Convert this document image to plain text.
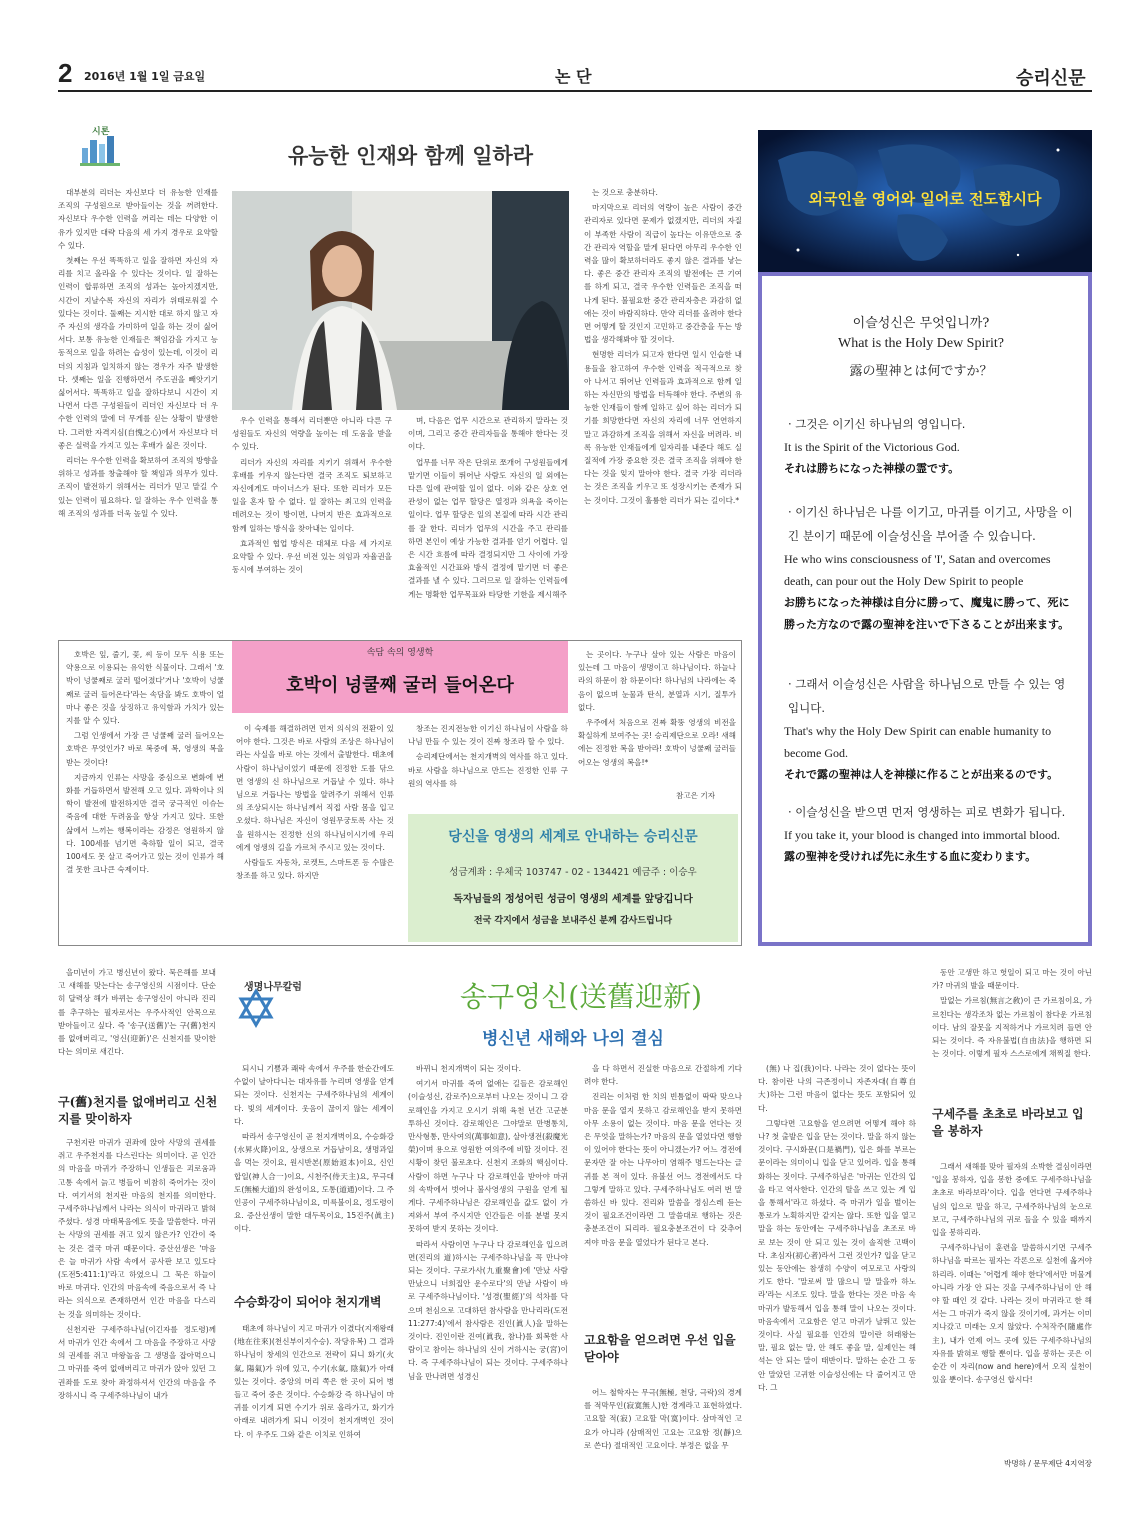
2 2016년 1월 1일 금요일	논 단	승리신문
시론
유능한 인재와 함께 일하라

대부분의 리더는 자신보다 더 유능한 인재를 조직의 구성원으로 받아들이는 것을 꺼려한다. 자신보다 우수한 인력을 꺼리는 데는 다양한 이유가 있지만 대략 다음의 세 가지 경우로 요약할 수 있다.

첫째는 우선 똑똑하고 일을 잘하면 자신의 자리를 치고 올라올 수 있다는 것이다. 일 잘하는 인력이 합류하면 조직의 성과는 높아지겠지만, 시간이 지날수록 자신의 자리가 위태로워질 수 있다는 것이다. 둘째는 지시한 대로 하지 않고 자주 자신의 생각을 가미하여 일을 하는 것이 싫어서다. 보통 유능한 인재들은 책임감을 가지고 능동적으로 일을 하려는 습성이 있는데, 이것이 리더의 지침과 일치하지 않는 경우가 자주 발생한다. 셋째는 일을 진행하면서 주도권을 빼앗기기 싫어서다. 똑똑하고 일을 잘하다보니 시간이 지나면서 다른 구성원들이 리더인 자신보다 더 우수한 인력의 말에 더 무게를 싣는 상황이 발생한다. 그러한 자격지심(自愧之心)에서 자신보다 더 좋은 실력을 가지고 있는 후배가 싫은 것이다.

리더는 우수한 인력을 확보하여 조직의 방향을 위하고 성과를 창출해야 할 책임과 의무가 있다. 조직이 발전하기 위해서는 리더가 믿고 맡길 수 있는 인력이 필요하다. 일 잘하는 우수 인력을 통해 조직의 성과를 더욱 높일 수 있다.

우수 인력을 통해서 리더뿐만 아니라 다른 구성원들도 자신의 역량을 높이는 데 도움을 받을 수 있다.

리더가 자신의 자리를 지키기 위해서 우수한 후배를 키우지 않는다면 결국 조직도 퇴보하고 자신에게도 마이너스가 된다. 또한 리더가 모든 일을 혼자 할 수 없다. 일 잘하는 최고의 인력을 데려오는 것이 방이면, 나머지 반은 효과적으로 함께 일하는 방식을 찾아내는 일이다.

효과적인 협업 방식은 대체로 다음 세 가지로 요약할 수 있다. 우선 비전 있는 의임과 자율권을 동시에 부여하는 것이

며, 다음은 업무 시간으로 관리하지 말라는 것이며, 그리고 중간 관리자들을 통해야 한다는 것이다.

업무를 너무 작은 단위로 쪼개어 구성원들에게 맡기면 이들이 뛰어난 사람도 자신의 일 외에는 다른 일에 관여할 일이 없다. 이와 같은 상호 연관성이 없는 업무 할당은 열정과 의욕을 죽이는 일이다. 업무 할당은 일의 본질에 따라 시간 관리를 잘 한다. 리더가 업무의 시간을 주고 관리를 하면 본인이 예상 가능한 결과를 얻기 어렵다. 일은 시간 흐름에 따라 결정되지만 그 사이에 가장 효율적인 시간표와 방식 결정에 맡기면 더 좋은 결과를 낼 수 있다. 그러므로 일 잘하는 인력들에게는 명확한 업무목표와 타당한 기한을 제시해주

는 것으로 충분하다.

마지막으로 리더의 역량이 높은 사람이 중간 관리자로 있다면 문제가 없겠지만, 리더의 자질이 부족한 사람이 직급이 높다는 이유만으로 중간 관리자 역할을 맡게 된다면 아무리 우수한 인력을 많이 확보하더라도 좋지 않은 결과를 낳는다. 좋은 중간 관리자 조직의 발전에는 큰 기여를 하게 되고, 결국 우수한 인력들은 조직을 떠나게 된다. 불필요한 중간 관리자층은 과감히 없애는 것이 바람직하다. 만약 리더를 올려야 한다면 어떻게 할 것인지 고민하고 중간층을 두는 방법을 생각해봐야 할 것이다.

현명한 리더가 되고자 한다면 일시 인습한 내용들을 참고하여 우수한 인력을 적극적으로 찾아 나서고 뛰어난 인력들과 효과적으로 함께 일하는 자신만의 방법을 터득해야 한다. 주변의 유능한 인재들이 함께 일하고 싶어 하는 리더가 되기를 희망한다면 자신의 자리에 너무 연연하지 말고 과감하게 조직을 위해서 자신을 버려라. 비록 유능한 인재들에게 일자리를 내준다 해도 실질적에 가장 중요한 것은 결국 조직을 위해야 한다는 것을 잊지 말아야 한다. 결국 가장 리더라는 것은 조직을 키우고 또 성장시키는 존재가 되는 것이다. 그것이 훌륭한 리더가 되는 길이다.*

외국인을 영어와 일어로 전도합시다
이슬성신은 무엇입니까?
What is the Holy Dew Spirit?
露の聖神とは何ですか？
· 그것은 이기신 하나님의 영입니다.
It is the Spirit of the Victorious God.
それは勝ちになった神様の霊です。
· 이기신 하나님은 나를 이기고, 마귀를 이기고, 사망을 이긴 분이기 때문에 이슬성신을 부어줄 수 있습니다.
He who wins consciousness of 'I', Satan and overcomes death, can pour out the Holy Dew Spirit to people
お勝ちになった神様は自分に勝って、魔鬼に勝って、死に勝った方なので露の聖神を注いで下さることが出来ます。
· 그래서 이슬성신은 사람을 하나님으로 만들 수 있는 영입니다.
That's why the Holy Dew Spirit can enable humanity to become God.
それで露の聖神は人を神様に作ることが出来るのです。
· 이슬성신을 받으면 먼저 영생하는 피로 변화가 됩니다.
If you take it, your blood is changed into immortal blood.
露の聖神を受ければ先に永生する血に変わります。

호박은 잎, 줄기, 꽃, 씨 등이 모두 식용 또는 약용으로 이용되는 유익한 식물이다. 그래서 '호박이 넝쿨째로 굴러 떨어졌다'거나 '호박이 넝쿨째로 굴러 들어온다'라는 속담을 봐도 호박이 얼마나 좋은 것을 상징하고 유익함과 가치가 있는지를 알 수 있다.

그럼 인생에서 가장 큰 넝쿨째 굴러 들어오는 호박은 무엇인가? 바로 복중에 복, 영생의 복을 받는 것이다!

지금까지 인류는 사망을 중심으로 변화에 변화를 거듭하면서 발전해 오고 있다. 과학이나 의학이 발전에 발전하지만 결국 궁극적인 이슈는 죽음에 대한 두려움을 항상 가지고 있다. 또한 삶에서 느끼는 행복이라는 감정은 영원하지 않다. 100세를 넘기면 축하할 일이 되고, 결국 100세도 못 살고 죽어가고 있는 것이 인류가 해결 못한 크나큰 숙제이다.

속담 속의 영생학
호박이 넝쿨째 굴러 들어온다

이 숙제를 해결하려면 먼저 의식의 전환이 있어야 한다. 그것은 바로 사람의 조상은 하나님이라는 사실을 바로 아는 것에서 출발한다. 태초에 사람이 하나님이었기 때문에 진정한 도를 닦으면 영생의 신 하나님으로 거듭날 수 있다. 하나님으로 거듭나는 방법을 알려주기 위해서 인류의 조상되시는 하나님께서 직접 사람 몸을 입고 오셨다. 하나님은 자신이 영원무궁토록 사는 것을 원하시는 진정한 신의 하나님이시기에 우리에게 영생의 길을 가르쳐 주시고 있는 것이다.

사람들도 자동차, 로켓트, 스마트폰 등 수많은 창조를 하고 있다. 하지만

창조는 진지전능한 이기신 하나님이 사람을 하나님 만들 수 있는 것이 진짜 창조라 할 수 있다.

승리제단에서는 천지개벽의 역사를 하고 있다. 바로 사람을 하나님으로 만드는 진정한 인류 구원의 역사를 하

는 곳이다. 누구나 살아 있는 사람은 마음이 있는데 그 마음이 생명이고 하나님이다. 하늘나라의 하문이 참 하문이다! 하나님의 나라에는 죽음이 없으며 눈물과 탄식, 분열과 시기, 질투가 없다.

우주에서 처음으로 진짜 확뚱 영생의 비전을 확실하게 보여주는 곳! 승리제단으로 오라! 새해에는 진정한 복을 받아라! 호박이 넝쿨째 굴러들어오는 영생의 복을!*

참고은 기자
당신을 영생의 세계로 안내하는 승리신문
성금계좌 : 우체국 103747 - 02 - 134421 예금주 : 이승우
독자님들의 정성어린 성금이 영생의 세계를 앞당깁니다
전국 각지에서 성금을 보내주신 분께 감사드립니다

을미년이 가고 병신년이 왔다. 묵은해를 보내고 새해를 맞는다는 송구영신의 시점이다. 단순히 달력상 해가 바뀌는 송구영신이 아니라 진리를 추구하는 필자로서는 우주사적인 안목으로 받아들이고 싶다. 즉 '송구(送舊)'는 구(舊)천지를 없애버리고, '영신(迎新)'은 신천지를 맞이한다는 의미로 새긴다.

구(舊)천지를 없애버리고 신천지를 맞이하자

구천지란 마귀가 권좌에 앉아 사망의 권세를 쥐고 우주천지를 다스린다는 의미이다. 곧 인간의 마음을 마귀가 주장하니 인생들은 괴로움과 고통 속에서 늙고 병들어 비참히 죽어가는 것이다. 여기서의 천지란 마음의 천지를 의미한다. 구세주하나님께서 나라는 의식이 마귀라고 밝혀 주셨다. 성경 마태복음에도 뜻을 말씀한다. 마귀는 사망의 권세를 쥐고 있지 않은가? 인간이 죽는 것은 결국 마귀 때문이다. 증산선생은 '마음은 늘 마귀가 사람 속에서 공사판 보고 있도다(도전5:411:1)'라고 하였으니 그 묵은 하늘이 바로 마귀다. 인간의 마음속에 죽음으로서 즉 나라는 의식으로 존재하면서 인간 마음을 다스리는 것을 의미하는 것이다.

신천지란 구세주하나님(이긴자를 정도령)께서 마귀가 인간 속에서 그 마음을 주장하고 사망의 권세를 쥐고 마왕놀음 그 생명을 잡아먹으니 그 마귀를 죽여 없애버리고 마귀가 앉아 있던 그 권좌를 도로 찾아 좌정하셔서 인간의 마음을 주장하시니 즉 구세주하나님이 내가

생명나무칼럼	송구영신(送舊迎新)
병신년 새해와 나의 결심

되시니 기쁨과 쾌락 속에서 우주를 한순간에도 수없이 날아다니는 대자유를 누리며 영생을 얻게 되는 것이다. 신천지는 구세주하나님의 세계이다. 빛의 세계이다. 웃음이 끊이지 않는 세계이다.

따라서 송구영신이 곧 천지개벽이요, 수승화강(水昇火降)이요, 상생으로 거듭남이요, 생명과일을 먹는 것이요, 원시반본(原始返本)이요, 신인합일(神人合一)이요, 시천주(侍天主)요, 무극대도(無極大道)의 완성이요, 도통(道通)이다. 그 주인공이 구세주하나님이요, 미륵불이요, 정도령이요. 증산선생이 말한 대두목이요, 15진주(眞主)이다.

수승화강이 되어야 천지개벽

태초에 하나님이 지고 마귀가 이겼다(지재왕래(地在往來)(천신부이지수승). 작당유복) 그 결과 하나님이 창세의 인간으로 전략이 되니 화기(火氣, 陽氣)가 위에 있고, 수기(水氣, 陰氣)가 아래 있는 것이다. 중앙의 머리 쪽은 한 곳이 되어 병들고 죽어 중은 것이다. 수승화강 즉 하나님이 마귀를 이기게 되면 수기가 위로 올라가고, 화기가 아래로 내려가게 되니 이것이 천지개벽인 것이다. 이 우주도 그와 같은 이치로 인하여

바뀌니 천지개벽이 되는 것이다.

여기서 마귀를 죽여 없애는 길들은 감로해인(이슬성신, 감로주)으로부터 나오는 것이니 그 감로해인을 가지고 오시기 위해 육천 년간 고군분투하신 것이다. 감로해인은 그야말로 만병통치, 만사형통, 만사여의(萬事如意), 살아생전(殺魔光榮)이며 용으로 영원한 여의주에 비할 것이다. 진시황이 찾던 불로초다. 신천지 조화의 핵심이다. 사람이 하면 누구나 다 감로해인을 받아야 마귀의 속박에서 벗어나 불사영생의 구원을 얻게 될 게다. 구세주하나님은 감로해인을 값도 없이 가져와서 부여 주시지만 인간들은 이를 분별 못지 못하여 받지 못하는 것이다.

따라서 사람이면 누구나 다 감로해인을 입으려면(진리의 道)하시는 구세주하나님을 꼭 만나야 되는 것이다. 구로가사(九重聚會)에 '만났 사람 만났으니 너희집안 운수로다'의 만날 사람이 바로 구세주하나님이다. '성경(聖經)'의 석차를 닥으며 천심으로 고대하던 참사람을 만나리라(도전11:277:4)'에서 참사람은 진인(眞人)을 말하는 것이다. 진인이란 진여(眞我, 참나)를 회복한 사람이고 참이는 하나님의 신이 거하시는 궁(宮)이다. 즉 구세주하나님이 되는 것이다. 구세주하나님을 만나려면 성경신

을 다 하면서 진실한 마음으로 간절하게 기다려야 한다.

진리는 이처럼 한 치의 빈틈없이 딱딱 맞으나 마음 문을 열지 못하고 감로해인을 받지 못하면 아무 소용이 없는 것이다. 마음 문을 연다는 것은 무엇을 말하는가? 마음의 문을 열었다면 행함이 있어야 한다는 뜻이 아니겠는가? 어느 경전에 문자만 잘 아는 나무아미 염해주 명드는다는 글귀를 본 적이 있다. 유불선 어느 경전에서도 다 그렇게 말하고 있다. 구세주하나님도 여러 번 말씀하신 바 있다. 진리와 말씀을 정심스레 듣는 것이 필요조건이라면 그 말씀대로 행하는 것은 충분조건이 되리라. 필요충분조건이 다 갖추어져야 마음 문을 열었다가 된다고 본다.

고요함을 얻으려면 우선 입을 닫아야

어느 철학자는 무극(無極, 천당, 극락)의 경계를 적막무인(寂寞無人)한 경계라고 표현하였다. 고요할 적(寂) 고요할 막(寞)이다. 삼마적인 고요가 아니라 (삼매적인 고요는 고요함 정(靜)으로 쓴다) 절대적인 고요이다. 부정은 없을 무

(無) 나 집(我)이다. 나라는 것이 없다는 뜻이다. 참이란 나의 극존정이니 자존자대(自尊自大)하는 그런 마음이 없다는 뜻도 포함되어 있다.

그렇다면 고요함을 얻으려면 어떻게 해야 하나? 첫 출발은 입을 닫는 것이다. 말을 하지 않는 것이다. 구시화문(口是禍門), 입은 화를 부르는 문이라는 의미이니 입을 닫고 있어라. 입을 통해 화하는 짓이다. 구세주하님은 '마귀는 인간의 입을 타고 역사한다. 인간의 탈을 쓰고 있는 게 입을 통해서'라고 하셨다. 즉 마귀가 일을 벌이는 통로가 노획하지만 같지는 않다. 또한 입을 열고 말을 하는 동안에는 구세주하나님을 초조로 바로 보는 것이 안 되고 있는 것이 솔직한 고백이다. 초심자(初心者)라서 그런 것인가? 입을 닫고 있는 동안에는 참생히 수양이 여모로고 사랑의 기도 한다. '말로써 말 많으니 말 말을까 하노라'라는 시조도 있다. 말을 한다는 것은 마음 속 마귀가 발동해서 입을 통해 말이 나오는 것이다. 마음속에서 고요함은 얻고 마귀가 날뛰고 있는 것이다. 사실 필요를 인간의 말이란 허래왕는 말, 필요 없는 말, 안 해도 좋을 말, 실제인는 해석는 안 되는 말이 태반이다. 말하는 순간 그 동안 말았던 고귀한 이슬성신에는 다 줄어지고 만다. 그

동안 고생만 하고 헛일이 되고 마는 것이 아닌가? 마귀의 발을 때문이다.

말없는 가르침(無言之敎)이 큰 가르침이요, 가르친다는 생각조차 없는 가르침이 참다운 가르침이다. 남의 잘못을 지적하거나 가르치려 들면 안 되는 것이다. 즉 자유불법(自由法)을 행하면 되는 것이다. 이렇게 필자 스스로에게 채찍질 한다.

구세주를 초초로 바라보고 입을 봉하자

그래서 새해를 맞아 필자의 소박한 결심이라면 '입을 봉하자, 입을 봉한 중에도 구세주하나님을 초초로 바라보라'이다. 입을 연다면 구세주하나님의 입으로 말을 하고, 구세주하나님의 눈으로 보고, 구세주하나님의 귀로 들을 수 있을 때까지 입을 봉하리라.

구세주하나님이 훈련을 말씀하시기면 구세주하나님을 따르는 필자는 각론으로 실천에 옮겨야 하리라. 이때는 '어렵게 해야 한다'에서만 머물게 아니라 가장 안 되는 것을 구세주하나님이 안 해야 할 때인 것 같다. 나라는 것이 마귀라고 한 해서는 그 마귀가 죽지 않을 것이기에, 과거는 이미 지나갔고 미래는 오지 않았다. 수처작주(隨處作主), 내가 언제 어느 곳에 있든 구세주하나님의 자유를 밝혀로 행할 뿐이다. 입을 봉하는 곳은 이 순간 이 자리(now and here)에서 오직 실천이 있을 뿐이다. 송구영신 합시다!

박명하 / 문무제단 4지역장
